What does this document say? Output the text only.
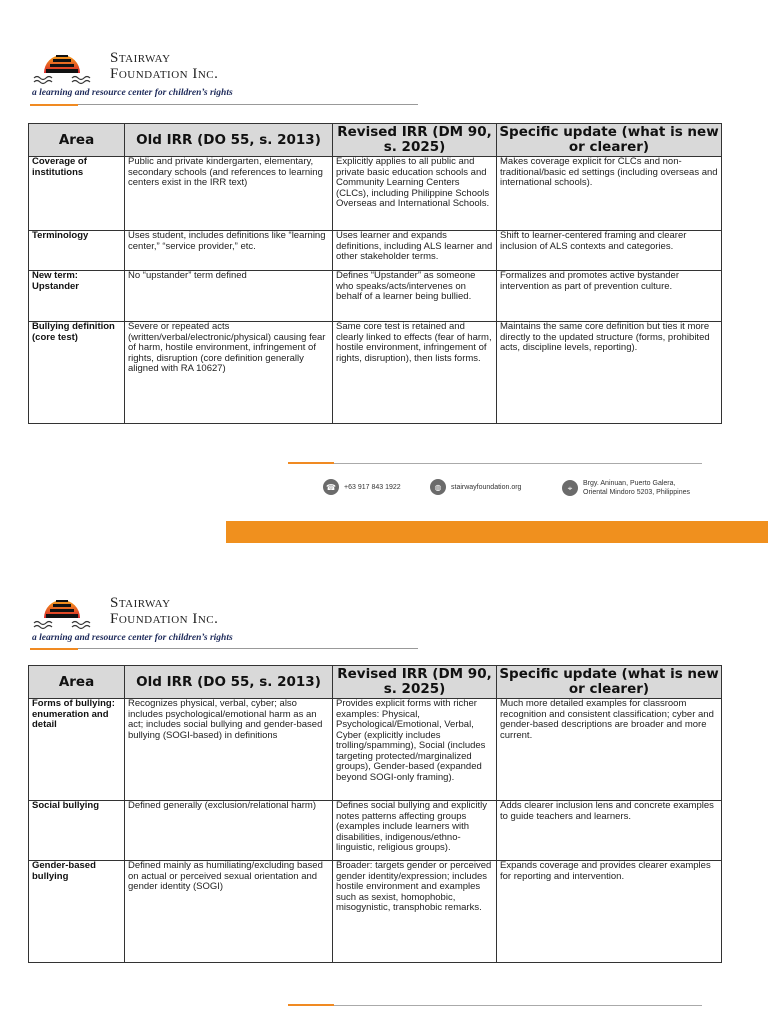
Stairway
Foundation Inc.
a learning and resource center for children’s rights
Area	Old IRR (DO 55, s. 2013)	Revised IRR (DM 90, s. 2025)	Specific update (what is new or clearer)
Coverage of institutions	Public and private kindergarten, elementary, secondary schools (and references to learning centers exist in the IRR text)	Explicitly applies to all public and private basic education schools and Community Learning Centers (CLCs), including Philippine Schools Overseas and International Schools.	Makes coverage explicit for CLCs and non-traditional/basic ed settings (including overseas and international schools).
Terminology	Uses student, includes definitions like “learning center,” “service provider,” etc.	Uses learner and expands definitions, including ALS learner and other stakeholder terms.	Shift to learner-centered framing and clearer inclusion of ALS contexts and categories.
New term: Upstander	No “upstander” term defined	Defines “Upstander” as someone who speaks/acts/intervenes on behalf of a learner being bullied.	Formalizes and promotes active bystander intervention as part of prevention culture.
Bullying definition (core test)	Severe or repeated acts (written/verbal/electronic/physical) causing fear of harm, hostile environment, infringement of rights, disruption (core definition generally aligned with RA 10627)	Same core test is retained and clearly linked to effects (fear of harm, hostile environment, infringement of rights, disruption), then lists forms.	Maintains the same core definition but ties it more directly to the updated structure (forms, prohibited acts, discipline levels, reporting).
☎	+63 917 843 1922	◍	stairwayfoundation.org	⌖	Brgy. Aninuan, Puerto Galera,
Oriental Mindoro 5203, Philippines
Stairway
Foundation Inc.
a learning and resource center for children’s rights
Area	Old IRR (DO 55, s. 2013)	Revised IRR (DM 90, s. 2025)	Specific update (what is new or clearer)
Forms of bullying: enumeration and detail	Recognizes physical, verbal, cyber; also includes psychological/emotional harm as an act; includes social bullying and gender-based bullying (SOGI-based) in definitions	Provides explicit forms with richer examples: Physical, Psychological/Emotional, Verbal, Cyber (explicitly includes trolling/spamming), Social (includes targeting protected/marginalized groups), Gender-based (expanded beyond SOGI-only framing).	Much more detailed examples for classroom recognition and consistent classification; cyber and gender-based descriptions are broader and more current.
Social bullying	Defined generally (exclusion/relational harm)	Defines social bullying and explicitly notes patterns affecting groups (examples include learners with disabilities, indigenous/ethno-linguistic, religious groups).	Adds clearer inclusion lens and concrete examples to guide teachers and learners.
Gender-based bullying	Defined mainly as humiliating/excluding based on actual or perceived sexual orientation and gender identity (SOGI)	Broader: targets gender or perceived gender identity/expression; includes hostile environment and examples such as sexist, homophobic, misogynistic, transphobic remarks.	Expands coverage and provides clearer examples for reporting and intervention.
